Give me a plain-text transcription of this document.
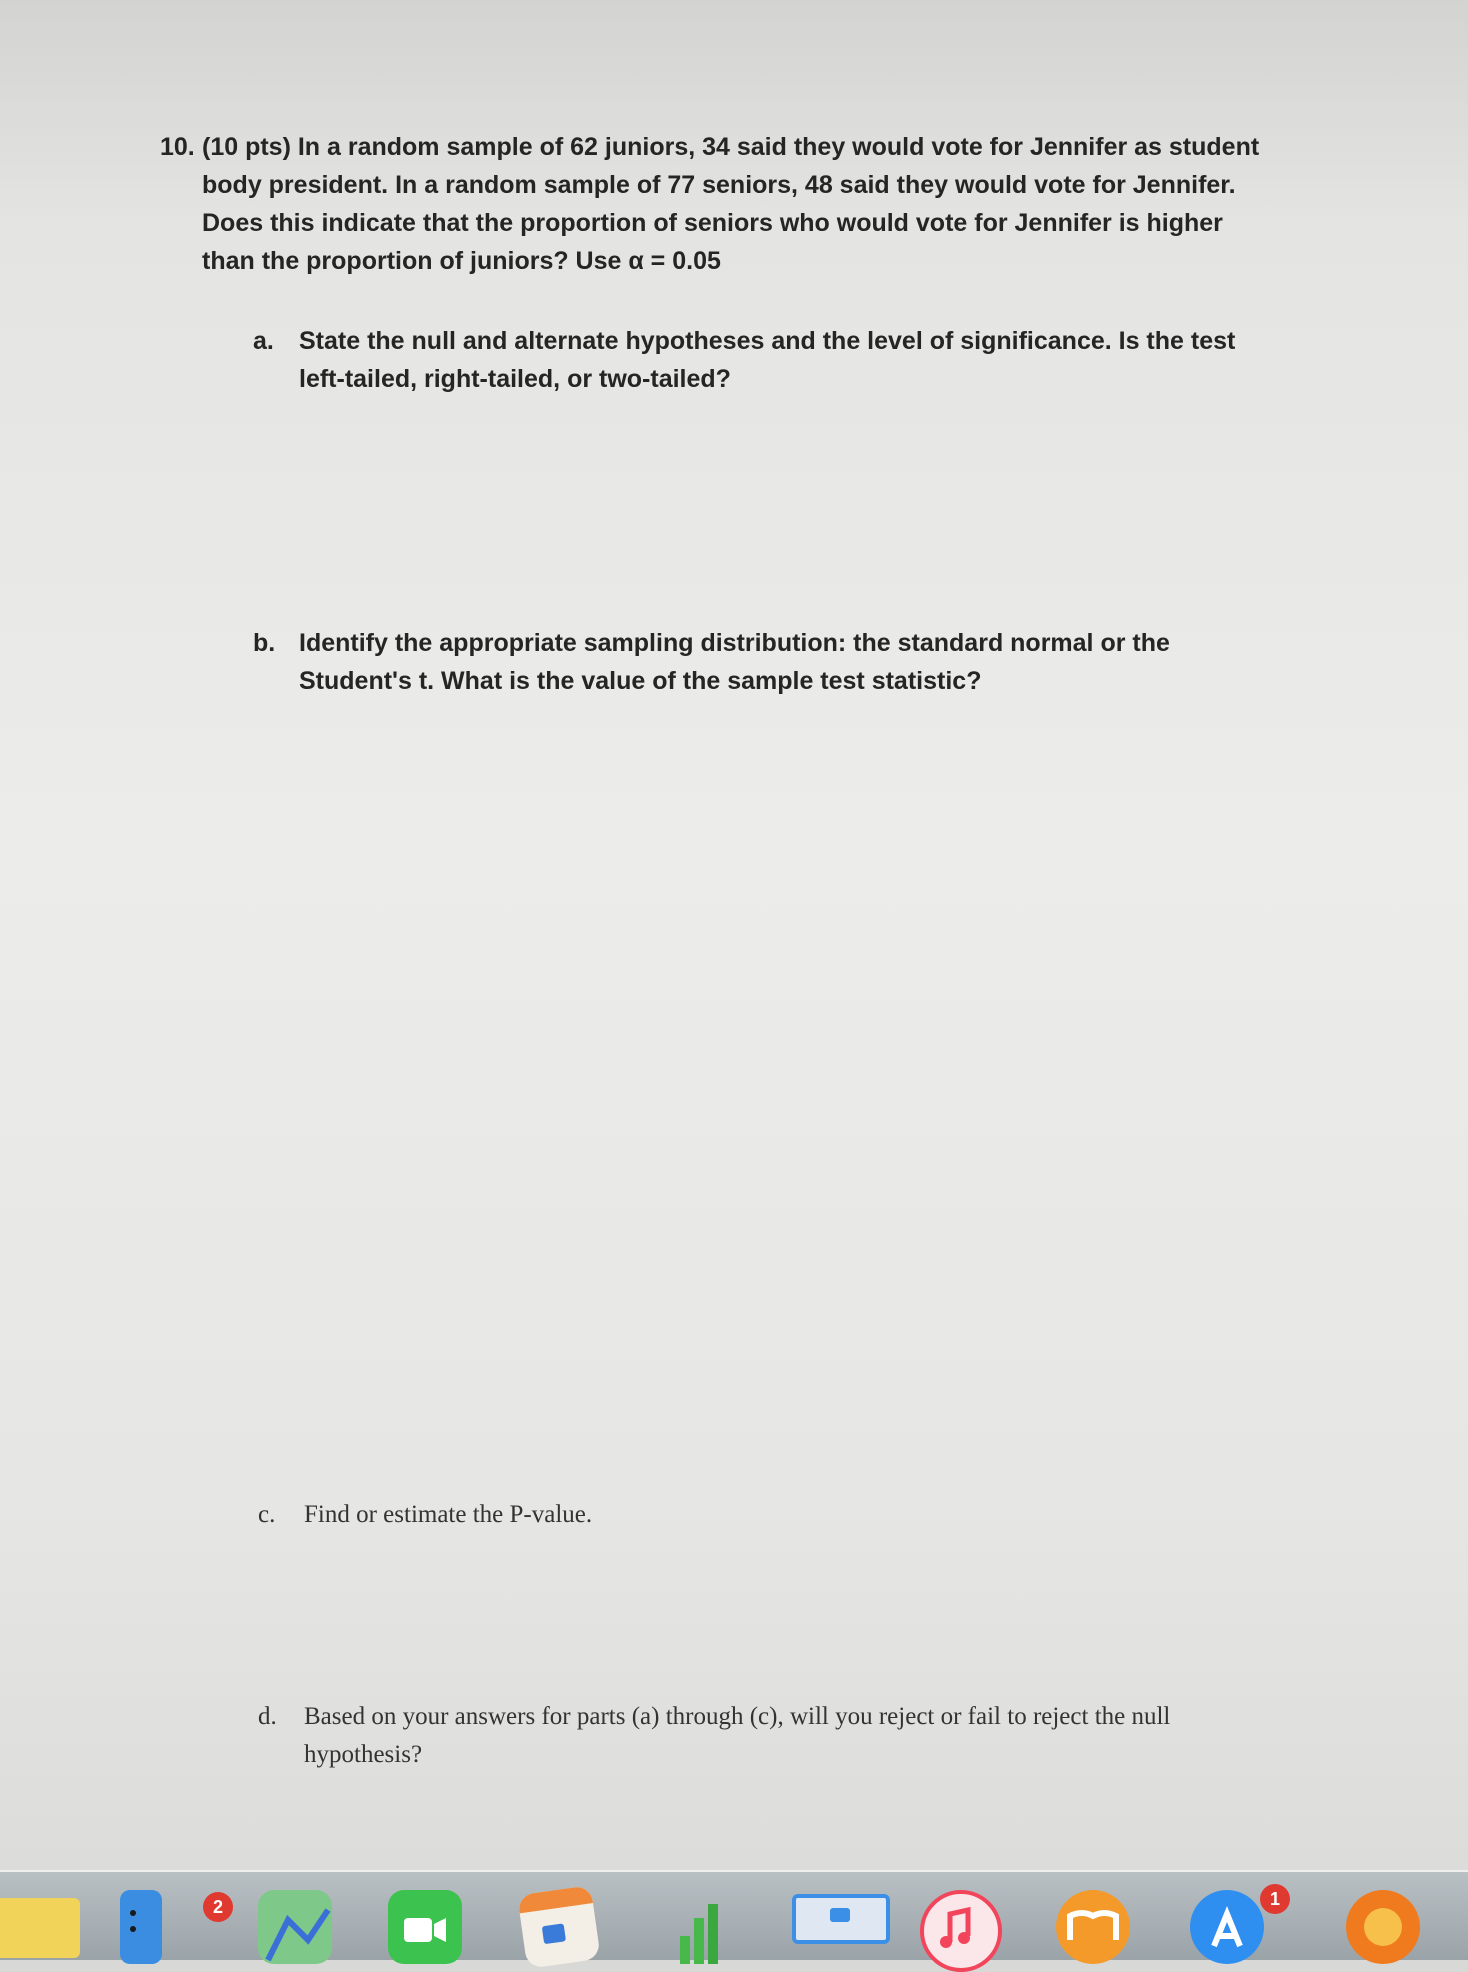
10. (10 pts) In a random sample of 62 juniors, 34 said they would vote for Jennifer as student body president. In a random sample of 77 seniors, 48 said they would vote for Jennifer. Does this indicate that the proportion of seniors who would vote for Jennifer is higher than the proportion of juniors? Use α = 0.05
a. State the null and alternate hypotheses and the level of significance. Is the test left-tailed, right-tailed, or two-tailed?
b. Identify the appropriate sampling distribution: the standard normal or the Student's t. What is the value of the sample test statistic?
c. Find or estimate the P-value.
d. Based on your answers for parts (a) through (c), will you reject or fail to reject the null hypothesis?
2	1
